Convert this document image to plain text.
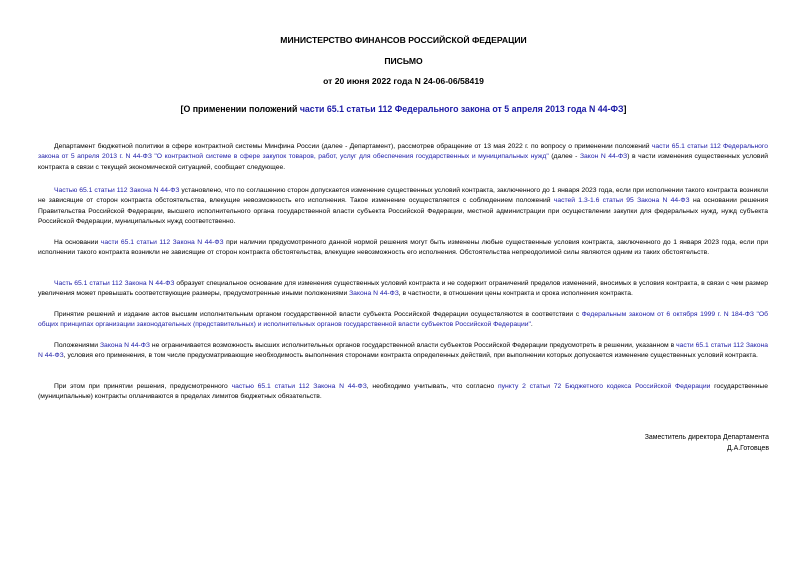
МИНИСТЕРСТВО ФИНАНСОВ РОССИЙСКОЙ ФЕДЕРАЦИИ
ПИСЬМО
от 20 июня 2022 года N 24-06-06/58419
[О применении положений части 65.1 статьи 112 Федерального закона от 5 апреля 2013 года N 44-ФЗ]

Департамент бюджетной политики в сфере контрактной системы Минфина России (далее - Департамент), рассмотрев обращение от 13 мая 2022 г. по вопросу о применении положений части 65.1 статьи 112 Федерального закона от 5 апреля 2013 г. N 44-ФЗ "О контрактной системе в сфере закупок товаров, работ, услуг для обеспечения государственных и муниципальных нужд" (далее - Закон N 44-ФЗ) в части изменения существенных условий контракта в связи с текущей экономической ситуацией, сообщает следующее.

Частью 65.1 статьи 112 Закона N 44-ФЗ установлено, что по соглашению сторон допускается изменение существенных условий контракта, заключенного до 1 января 2023 года, если при исполнении такого контракта возникли не зависящие от сторон контракта обстоятельства, влекущие невозможность его исполнения. Такое изменение осуществляется с соблюдением положений частей 1.3-1.6 статьи 95 Закона N 44-ФЗ на основании решения Правительства Российской Федерации, высшего исполнительного органа государственной власти субъекта Российской Федерации, местной администрации при осуществлении закупки для федеральных нужд, нужд субъекта Российской Федерации, муниципальных нужд соответственно.

На основании части 65.1 статьи 112 Закона N 44-ФЗ при наличии предусмотренного данной нормой решения могут быть изменены любые существенные условия контракта, заключенного до 1 января 2023 года, если при исполнении такого контракта возникли не зависящие от сторон контракта обстоятельства, влекущие невозможность его исполнения. Обстоятельства непреодолимой силы являются одним из таких обстоятельств.

Часть 65.1 статьи 112 Закона N 44-ФЗ образует специальное основание для изменения существенных условий контракта и не содержит ограничений пределов изменений, вносимых в условия контракта, в связи с чем размер увеличения может превышать соответствующие размеры, предусмотренные иными положениями Закона N 44-ФЗ, в частности, в отношении цены контракта и срока исполнения контракта.

Принятие решений и издание актов высшим исполнительным органом государственной власти субъекта Российской Федерации осуществляются в соответствии с Федеральным законом от 6 октября 1999 г. N 184-ФЗ "Об общих принципах организации законодательных (представительных) и исполнительных органов государственной власти субъектов Российской Федерации".

Положениями Закона N 44-ФЗ не ограничивается возможность высших исполнительных органов государственной власти субъектов Российской Федерации предусмотреть в решении, указанном в части 65.1 статьи 112 Закона N 44-ФЗ, условия его применения, в том числе предусматривающие необходимость выполнения сторонами контракта определенных действий, при выполнении которых допускается изменение существенных условий контракта.

При этом при принятии решения, предусмотренного частью 65.1 статьи 112 Закона N 44-ФЗ, необходимо учитывать, что согласно пункту 2 статьи 72 Бюджетного кодекса Российской Федерации государственные (муниципальные) контракты оплачиваются в пределах лимитов бюджетных обязательств.

Заместитель директора Департамента
Д.А.Готовцев
